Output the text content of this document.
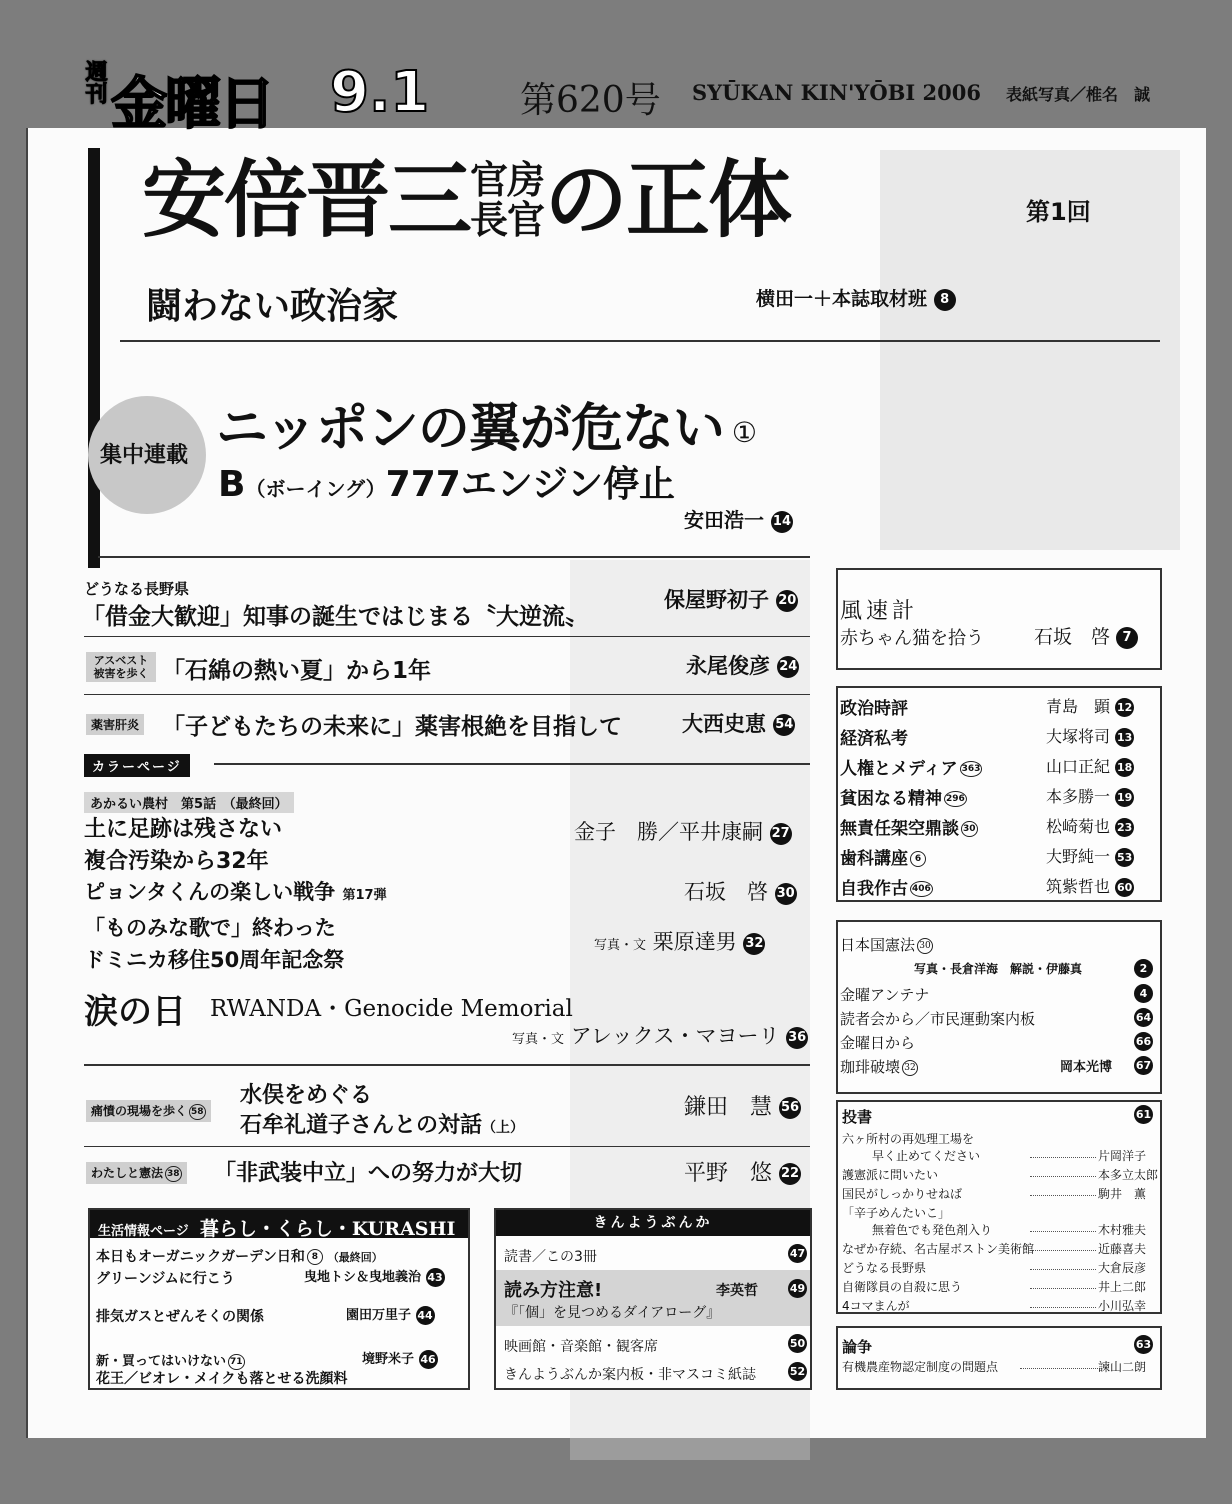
週刊 金曜日 9.1	第620号 SYŪKAN KIN'YŌBI 2006 表紙写真／椎名　誠
安倍晋三官房
長官の正体	第1回
闘わない政治家	横田一＋本誌取材班 8
集中連載 ニッポンの翼が危ない ①
B（ボーイング）777エンジン停止
安田浩一 14
どうなる長野県
「借金大歓迎」知事の誕生ではじまる〝大逆流〟
保屋野初子 20
アスベスト
被害を歩く 「石綿の熱い夏」から1年	永尾俊彦 24
薬害肝炎 「子どもたちの未来に」薬害根絶を目指して	大西史恵 54
カラーページ
あかるい農村　 第5話　 （最終回）
土に足跡は残さない
複合汚染から32年
金子　勝／平井康嗣 27
ピョンタくんの楽しい戦争 第17弾	石坂　啓 30
「ものみな歌で」終わった
ドミニカ移住50周年記念祭
写真・文 栗原達男 32
涙の日 RWANDA・Genocide Memorial
写真・文 アレックス・マヨーリ 36
痛憤の現場を歩く 58
水俣をめぐる
石牟礼道子さんとの対話（上）
鎌田　慧 56
わたしと憲法 38	「非武装中立」への努力が大切	平野　悠 22
生活情報ページ 暮らし・くらし・KURASHI
本日もオーガニックガーデン日和 8 （最終回）
グリーンジムに行こう	曳地トシ＆曳地義治 43
排気ガスとぜんそくの関係	園田万里子 44
新・買ってはいけない 71
花王／ビオレ・メイクも落とせる洗顔料
境野米子 46
きんようぶんか
読書／この3冊	47
読み方注意!	李英哲	49
『「個」を見つめるダイアローグ』
映画館・音楽館・観客席	50
きんようぶんか案内板・非マスコミ紙誌	52
風速計
赤ちゃん猫を拾う	石坂　啓 7
政治時評	青島　顕 12
経済私考	大塚将司 13
人権とメディア 363	山口正紀 18
貧困なる精神 296	本多勝一 19
無責任架空鼎談 30	松崎菊也 23
歯科講座 6	大野純一 53
自我作古 406	筑紫哲也 60
日本国憲法 30
写真・長倉洋海　解説・伊藤真	2
金曜アンテナ	4
読者会から／市民運動案内板	64
金曜日から	66
珈琲破壊 32	岡本光博 67
投書	61
六ヶ所村の再処理工場を
早く止めてください	片岡洋子
護憲派に問いたい	本多立太郎
国民がしっかりせねば	駒井　薫
「辛子めんたいこ」
無着色でも発色剤入り	木村雅夫
なぜか存続、名古屋ボストン美術館	近藤喜夫
どうなる長野県	大倉辰彦
自衛隊員の自殺に思う	井上二郎
4コマまんが	小川弘幸
論争	63
有機農産物認定制度の問題点	諫山二朗
